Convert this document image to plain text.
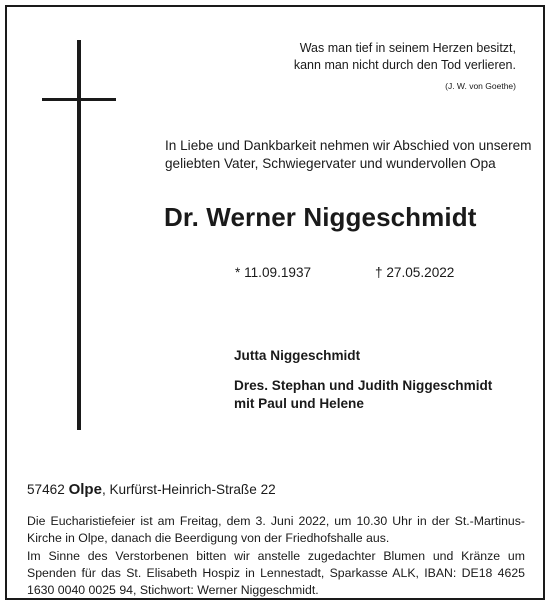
Was man tief in seinem Herzen besitzt,
kann man nicht durch den Tod verlieren.
(J. W. von Goethe)
In Liebe und Dankbarkeit nehmen wir Abschied von unserem
geliebten Vater, Schwiegervater und wundervollen Opa
Dr. Werner Niggeschmidt
* 11.09.1937	† 27.05.2022
Jutta Niggeschmidt
Dres. Stephan und Judith Niggeschmidt
mit Paul und Helene
57462 Olpe, Kurfürst-Heinrich-Straße 22
Die Eucharistiefeier ist am Freitag, dem 3. Juni 2022, um 10.30 Uhr in der St.-Martinus-Kirche in Olpe, danach die Beerdigung von der Friedhofshalle aus.
Im Sinne des Verstorbenen bitten wir anstelle zugedachter Blumen und Kränze um Spenden für das St. Elisabeth Hospiz in Lennestadt, Sparkasse ALK, IBAN: DE18 4625 1630 0040 0025 94, Stichwort: Werner Niggeschmidt.
